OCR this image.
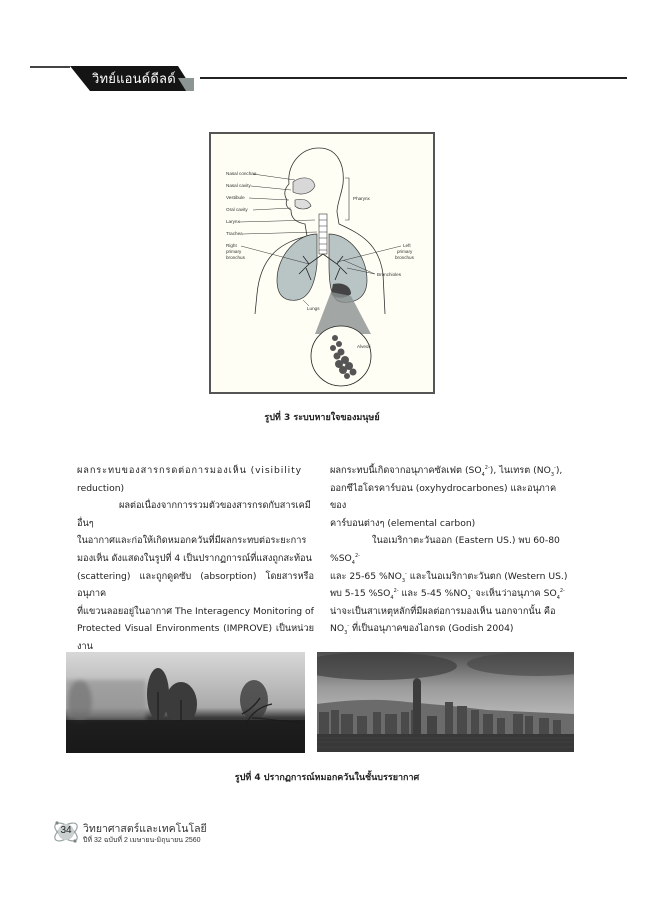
วิทย์แอนด์ดีลด์
Nasal conchae
Nasal cavity
Vestibule
Oral cavity
Larynx
Trachea
Right
primary
bronchus
Pharynx
Left
primary
bronchus
Bronchioles
Lungs
Alveoli
รูปที่ 3 ระบบหายใจของมนุษย์

ผลกระทบของสารกรดต่อการมองเห็น (visibility

reduction)

ผลต่อเนื่องจากการรวมตัวของสารกรดกับสารเคมีอื่นๆ

ในอากาศและก่อให้เกิดหมอกควันที่มีผลกระทบต่อระยะการ

มองเห็น ดังแสดงในรูปที่ 4 เป็นปรากฏการณ์ที่แสงถูกสะท้อน

(scattering) และถูกดูดซับ (absorption) โดยสารหรืออนุภาค

ที่แขวนลอยอยู่ในอากาศ The Interagency Monitoring of

Protected Visual Environments (IMPROVE) เป็นหน่วยงาน

ผลกระทบนี้เกิดจากอนุภาคซัลเฟต $(SO_4^{2-})$, ไนเทรต $(NO_3^-)$,

ออกซีไฮโดรคาร์บอน (oxyhydrocarbones) และอนุภาคของ

คาร์บอนต่างๆ (elemental carbon)

ในอเมริกาตะวันออก (Eastern US.) พบ 60-80 $\%SO_4^{2-}$

และ 25-65 $\%NO_3^-$ และในอเมริกาตะวันตก (Western US.)

พบ 5-15 $\%SO_4^{2-}$ และ 5-45 $\%NO_3^-$ จะเห็นว่าอนุภาค $SO_4^{2-}$

น่าจะเป็นสาเหตุหลักที่มีผลต่อการมองเห็น นอกจากนั้น คือ

$NO_3^-$ ที่เป็นอนุภาคของไอกรด (Godish 2004)

รูปที่ 4 ปรากฏการณ์หมอกควันในชั้นบรรยากาศ
34	วิทยาศาสตร์และเทคโนโลยี
ปีที่ 32 ฉบับที่ 2 เมษายน-มิถุนายน 2560
